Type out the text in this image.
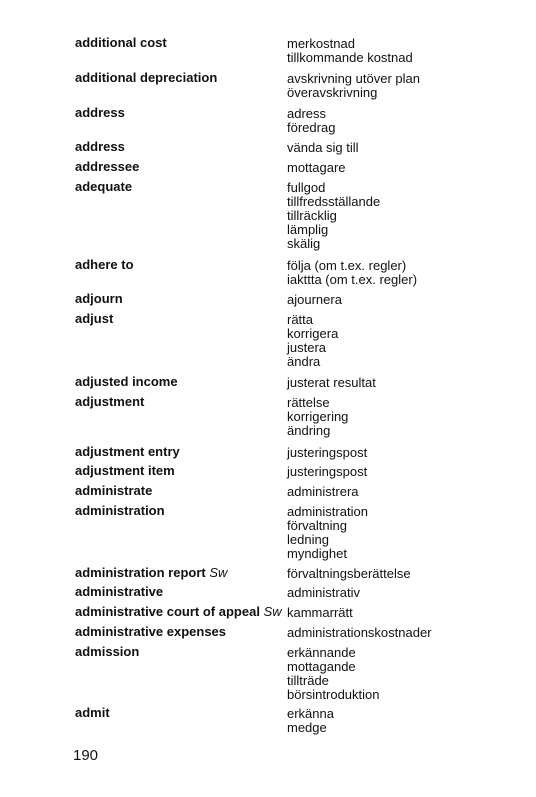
additional cost	merkostnad
tillkommande kostnad
additional depreciation	avskrivning utöver plan
överavskrivning
address	adress
föredrag
address	vända sig till
addressee	mottagare
adequate	fullgod
tillfredsställande
tillräcklig
lämplig
skälig
adhere to	följa (om t.ex. regler)
iakttta (om t.ex. regler)
adjourn	ajournera
adjust	rätta
korrigera
justera
ändra
adjusted income	justerat resultat
adjustment	rättelse
korrigering
ändring
adjustment entry	justeringspost
adjustment item	justeringspost
administrate	administrera
administration	administration
förvaltning
ledning
myndighet
administration report Sw	förvaltningsberättelse
administrative	administrativ
administrative court of appeal Sw kammarrätt
administrative expenses	administrationskostnader
admission	erkännande
mottagande
tillträde
börsintroduktion
admit	erkänna
medge
190
